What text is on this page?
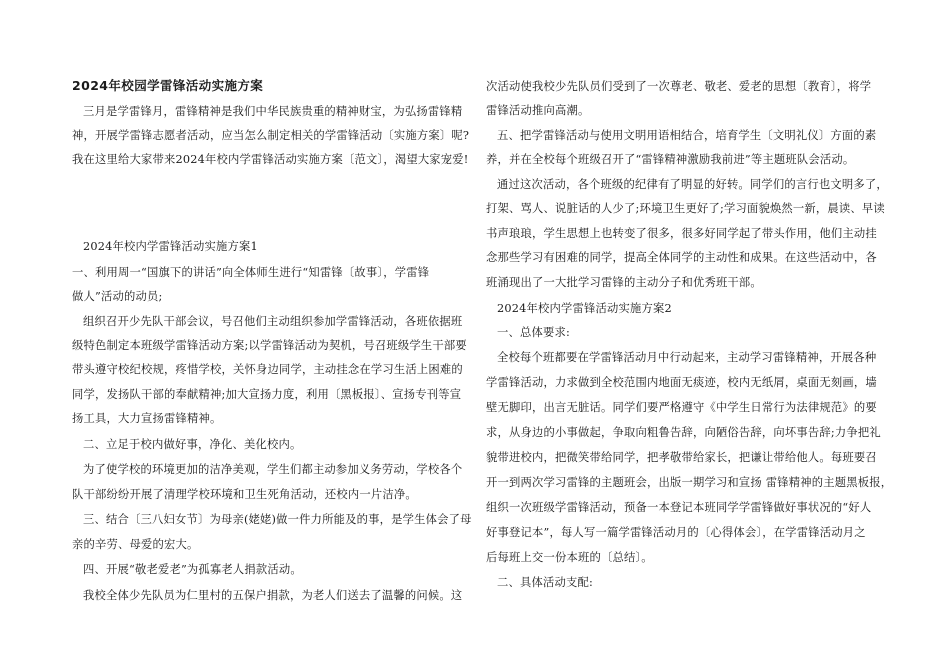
2024年校园学雷锋活动实施方案
三月是学雷锋月，雷锋精神是我们中华民族贵重的精神财宝，为弘扬雷锋精
神，开展学雷锋志愿者活动，应当怎么制定相关的学雷锋活动〔实施方案〕呢?
我在这里给大家带来2024年校内学雷锋活动实施方案〔范文〕，渴望大家宠爱!
2024年校内学雷锋活动实施方案1
一、利用周一“国旗下的讲话”向全体师生进行“知雷锋〔故事〕，学雷锋
做人”活动的动员;
组织召开少先队干部会议，号召他们主动组织参加学雷锋活动，各班依据班
级特色制定本班级学雷锋活动方案;以学雷锋活动为契机，号召班级学生干部要
带头遵守校纪校规，疼惜学校，关怀身边同学，主动挂念在学习生活上困难的
同学，发扬队干部的奉献精神;加大宣扬力度，利用〔黑板报〕、宣扬专刊等宣
扬工具，大力宣扬雷锋精神。
二、立足于校内做好事，净化、美化校内。
为了使学校的环境更加的洁净美观，学生们都主动参加义务劳动，学校各个
队干部纷纷开展了清理学校环境和卫生死角活动，还校内一片洁净。
三、结合〔三八妇女节〕为母亲(姥姥)做一件力所能及的事，是学生体会了母
亲的辛劳、母爱的宏大。
四、开展“敬老爱老”为孤寡老人捐款活动。
我校全体少先队员为仁里村的五保户捐款，为老人们送去了温馨的问候。这
次活动使我校少先队员们受到了一次尊老、敬老、爱老的思想〔教育〕，将学
雷锋活动推向高潮。
五、把学雷锋活动与使用文明用语相结合，培育学生〔文明礼仪〕方面的素
养，并在全校每个班级召开了“雷锋精神激励我前进”等主题班队会活动。
通过这次活动，各个班级的纪律有了明显的好转。同学们的言行也文明多了，
打架、骂人、说脏话的人少了;环境卫生更好了;学习面貌焕然一新，晨读、早读
书声琅琅，学生思想上也转变了很多，很多好同学起了带头作用，他们主动挂
念那些学习有困难的同学，提高全体同学的主动性和成果。在这些活动中，各
班涌现出了一大批学习雷锋的主动分子和优秀班干部。
2024年校内学雷锋活动实施方案2
一、总体要求:
全校每个班都要在学雷锋活动月中行动起来，主动学习雷锋精神，开展各种
学雷锋活动，力求做到全校范围内地面无痰迹，校内无纸屑，桌面无刻画，墙
壁无脚印，出言无脏话。同学们要严格遵守《中学生日常行为法律规范》的要
求，从身边的小事做起，争取向粗鲁告辞，向陋俗告辞，向坏事告辞;力争把礼
貌带进校内，把微笑带给同学，把孝敬带给家长，把谦让带给他人。每班要召
开一到两次学习雷锋的主题班会，出版一期学习和宣扬 雷锋精神的主题黑板报，
组织一次班级学雷锋活动，预备一本登记本班同学学雷锋做好事状况的“好人
好事登记本”，每人写一篇学雷锋活动月的〔心得体会〕，在学雷锋活动月之
后每班上交一份本班的〔总结〕。
二、具体活动支配:
